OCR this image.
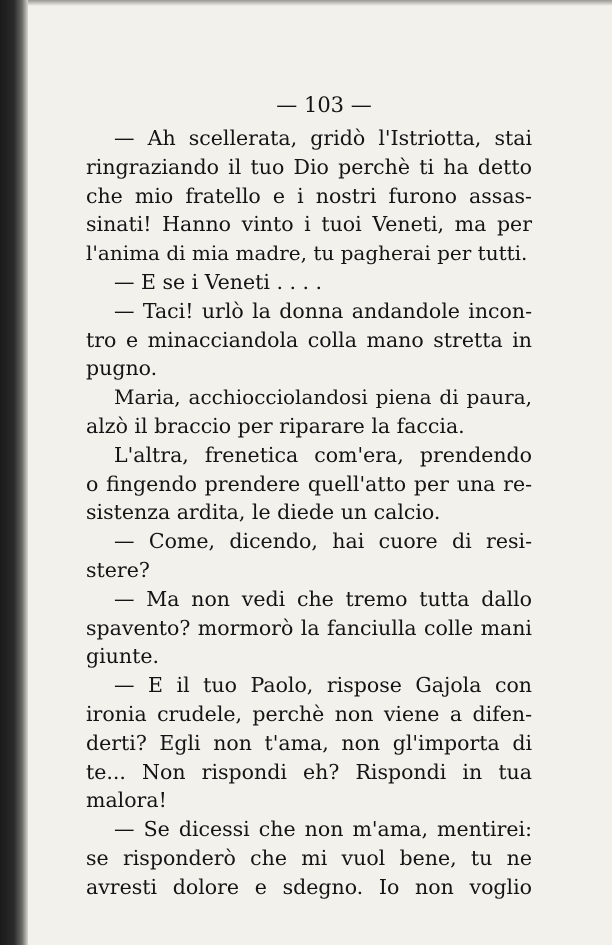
— 103 —
— Ah scellerata, gridò l'Istriotta, stai
ringraziando il tuo Dio perchè ti ha detto
che mio fratello e i nostri furono assas-
sinati! Hanno vinto i tuoi Veneti, ma per
l'anima di mia madre, tu pagherai per tutti.
— E se i Veneti . . . .
— Taci! urlò la donna andandole incon-
tro e minacciandola colla mano stretta in
pugno.
Maria, acchiocciolandosi piena di paura,
alzò il braccio per riparare la faccia.
L'altra, frenetica com'era, prendendo
o fingendo prendere quell'atto per una re-
sistenza ardita, le diede un calcio.
— Come, dicendo, hai cuore di resi-
stere?
— Ma non vedi che tremo tutta dallo
spavento? mormorò la fanciulla colle mani
giunte.
— E il tuo Paolo, rispose Gajola con
ironia crudele, perchè non viene a difen-
derti? Egli non t'ama, non gl'importa di
te... Non rispondi eh? Rispondi in tua
malora!
— Se dicessi che non m'ama, mentirei:
se risponderò che mi vuol bene, tu ne
avresti dolore e sdegno. Io non voglio
